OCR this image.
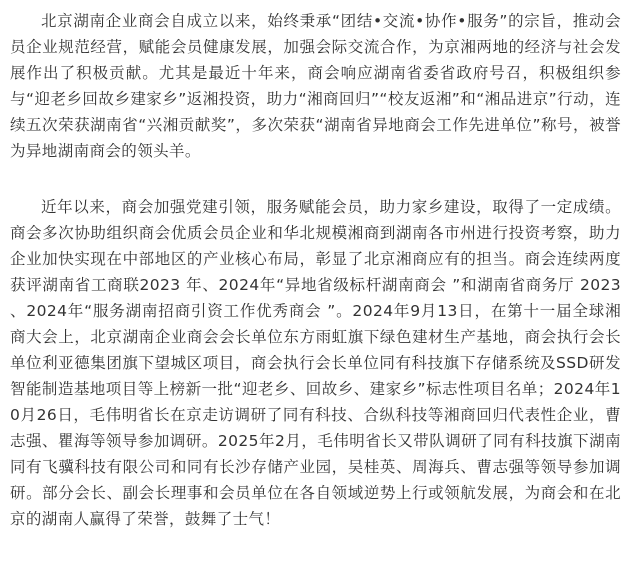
北京湖南企业商会自成立以来，始终秉承“团结•交流•协作•服务”的宗旨，推动会员企业规范经营，赋能会员健康发展，加强会际交流合作，为京湘两地的经济与社会发展作出了积极贡献。尤其是最近十年来，商会响应湖南省委省政府号召，积极组织参与“迎老乡回故乡建家乡”返湘投资，助力“湘商回归”“校友返湘”和“湘品进京”行动，连续五次荣获湖南省“兴湘贡献奖”，多次荣获“湖南省异地商会工作先进单位”称号，被誉为异地湖南商会的领头羊。

近年以来，商会加强党建引领，服务赋能会员，助力家乡建设，取得了一定成绩。商会多次协助组织商会优质会员企业和华北规模湘商到湖南各市州进行投资考察，助力企业加快实现在中部地区的产业核心布局，彰显了北京湘商应有的担当。商会连续两度获评湖南省工商联2023 年、2024年“异地省级标杆湖南商会 ”和湖南省商务厅 2023 、2024年“服务湖南招商引资工作优秀商会 ”。2024年9月13日，在第十一届全球湘商大会上，北京湖南企业商会会长单位东方雨虹旗下绿色建材生产基地，商会执行会长单位利亚德集团旗下望城区项目，商会执行会长单位同有科技旗下存储系统及SSD研发智能制造基地项目等上榜新一批“迎老乡、回故乡、建家乡”标志性项目名单；2024年10月26日，毛伟明省长在京走访调研了同有科技、合纵科技等湘商回归代表性企业，曹志强、瞿海等领导参加调研。2025年2月，毛伟明省长又带队调研了同有科技旗下湖南同有飞骥科技有限公司和同有长沙存储产业园，吴桂英、周海兵、曹志强等领导参加调研。部分会长、副会长理事和会员单位在各自领域逆势上行或领航发展，为商会和在北京的湖南人赢得了荣誉，鼓舞了士气！
